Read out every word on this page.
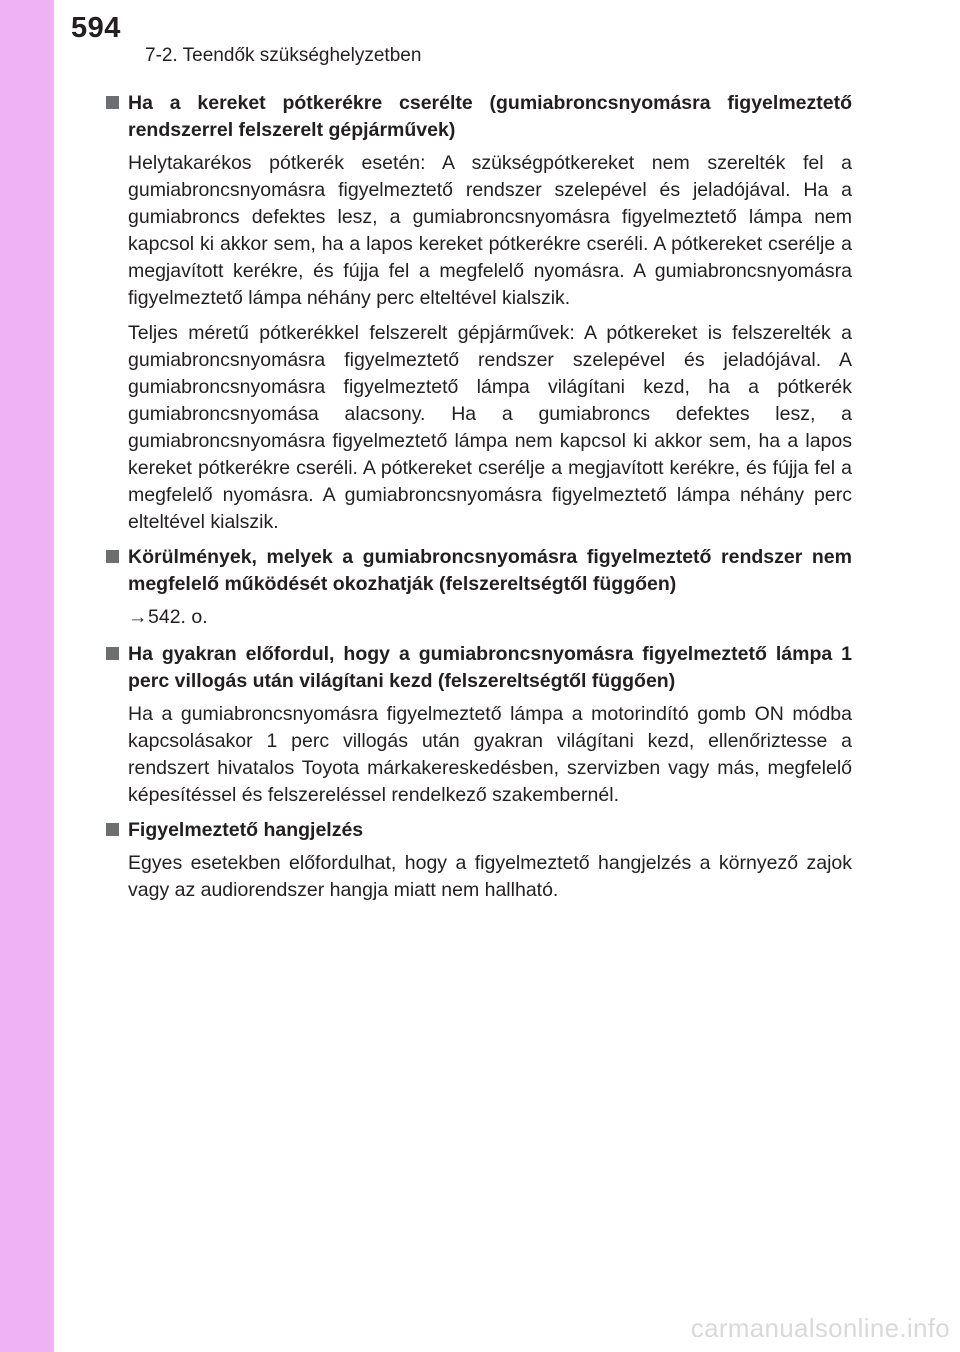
594
7-2. Teendők szükséghelyzetben
Ha a kereket pótkerékre cserélte (gumiabroncsnyomásra figyelmeztető rendszerrel felszerelt gépjárművek)

Helytakarékos pótkerék esetén: A szükségpótkereket nem szerelték fel a gumiabroncsnyomásra figyelmeztető rendszer szelepével és jeladójával. Ha a gumiabroncs defektes lesz, a gumiabroncsnyomásra figyelmeztető lámpa nem kapcsol ki akkor sem, ha a lapos kereket pótkerékre cseréli. A pótkereket cserélje a megjavított kerékre, és fújja fel a megfelelő nyomásra. A gumiabroncsnyomásra figyelmeztető lámpa néhány perc elteltével kialszik.

Teljes méretű pótkerékkel felszerelt gépjárművek: A pótkereket is felszerelték a gumiabroncsnyomásra figyelmeztető rendszer szelepével és jeladójával. A gumiabroncsnyomásra figyelmeztető lámpa világítani kezd, ha a pótkerék gumiabroncsnyomása alacsony. Ha a gumiabroncs defektes lesz, a gumiabroncsnyomásra figyelmeztető lámpa nem kapcsol ki akkor sem, ha a lapos kereket pótkerékre cseréli. A pótkereket cserélje a megjavított kerékre, és fújja fel a megfelelő nyomásra. A gumiabroncsnyomásra figyelmeztető lámpa néhány perc elteltével kialszik.

Körülmények, melyek a gumiabroncsnyomásra figyelmeztető rendszer nem megfelelő működését okozhatják (felszereltségtől függően)
→542. o.
Ha gyakran előfordul, hogy a gumiabroncsnyomásra figyelmeztető lámpa 1 perc villogás után világítani kezd (felszereltségtől függően)

Ha a gumiabroncsnyomásra figyelmeztető lámpa a motorindító gomb ON módba kapcsolásakor 1 perc villogás után gyakran világítani kezd, ellenőriztesse a rendszert hivatalos Toyota márkakereskedésben, szervizben vagy más, megfelelő képesítéssel és felszereléssel rendelkező szakembernél.

Figyelmeztető hangjelzés

Egyes esetekben előfordulhat, hogy a figyelmeztető hangjelzés a környező zajok vagy az audiorendszer hangja miatt nem hallható.

carmanualsonline.info
